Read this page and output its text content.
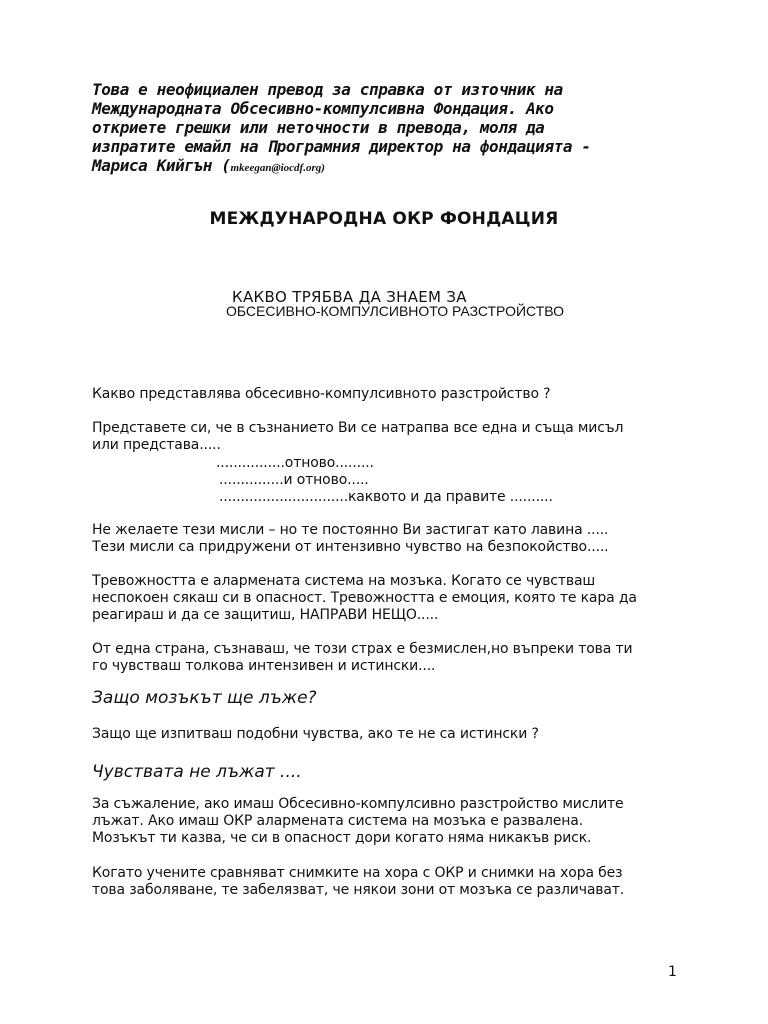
Това е неофициален превод за справка от източник на
Международната Обсесивно-компулсивна Фондация. Ако
откриете грешки или неточности в превода, моля да
изпратите емайл на Програмния директор на фондацията -
Мариса Кийгън (mkeegan@iocdf.org)
МЕЖДУНАРОДНА ОКР ФОНДАЦИЯ
КАКВО ТРЯБВА ДА ЗНАЕМ ЗА
ОБСЕСИВНО-КОМПУЛСИВНОТО РАЗСТРОЙСТВО
Какво представлява обсесивно-компулсивното разстройство ?
Представете си, че в съзнанието Ви се натрапва все една и съща мисъл
или представа.....
................отново.........
...............и отново.....
..............................каквото и да правите ..........
Не желаете тези мисли – но те постоянно Ви застигат като лавина .....
Тези мисли са придружени от интензивно чувство на безпокойство.....
Тревожността е алармената система на мозъка. Когато се чувстваш
неспокоен сякаш си в опасност. Тревожността е емоция, която те кара да
реагираш и да се защитиш, НАПРАВИ НЕЩО.....
От една страна, съзнаваш, че този страх е безмислен,но въпреки това ти
го чувстваш толкова интензивен и истински....
Защо мозъкът ще лъже?
Защо ще изпитваш подобни чувства, ако те не са истински ?
Чувствата не лъжат ....
За съжаление, ако имаш Обсесивно-компулсивно разстройство мислите
лъжат. Ако имаш ОКР алармената система на мозъка е развалена.
Мозъкът ти казва, че си в опасност дори когато няма никакъв риск.
Когато учените сравняват снимките на хора с ОКР и снимки на хора без
това заболяване, те забелязват, че някои зони от мозъка се различават.
1
